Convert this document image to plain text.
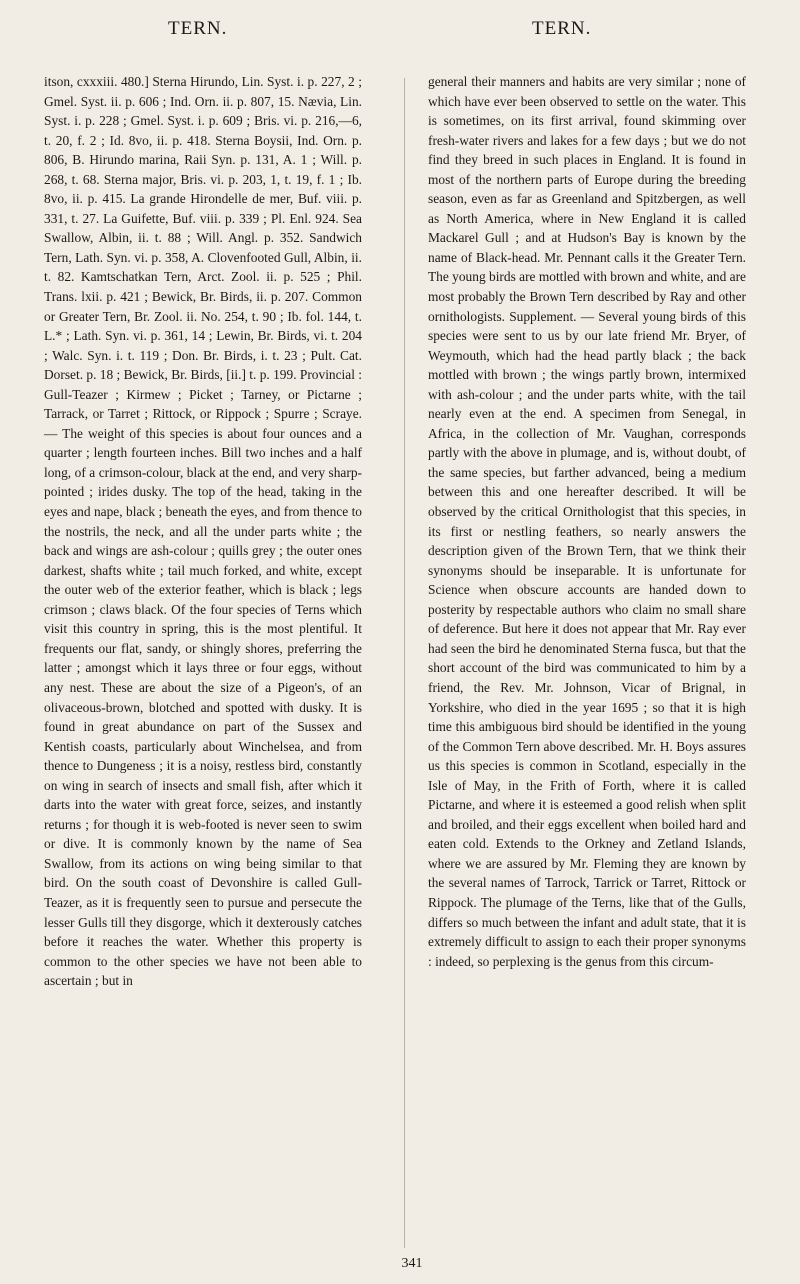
TERN.	TERN.

itson, cxxxiii. 480.] Sterna Hirundo, Lin. Syst. i. p. 227, 2 ; Gmel. Syst. ii. p. 606 ; Ind. Orn. ii. p. 807, 15. Nævia, Lin. Syst. i. p. 228 ; Gmel. Syst. i. p. 609 ; Bris. vi. p. 216,—6, t. 20, f. 2 ; Id. 8vo, ii. p. 418. Sterna Boysii, Ind. Orn. p. 806, B. Hirundo marina, Raii Syn. p. 131, A. 1 ; Will. p. 268, t. 68. Sterna major, Bris. vi. p. 203, 1, t. 19, f. 1 ; Ib. 8vo, ii. p. 415. La grande Hirondelle de mer, Buf. viii. p. 331, t. 27. La Guifette, Buf. viii. p. 339 ; Pl. Enl. 924. Sea Swallow, Albin, ii. t. 88 ; Will. Angl. p. 352. Sandwich Tern, Lath. Syn. vi. p. 358, A. Clovenfooted Gull, Albin, ii. t. 82. Kamtschatkan Tern, Arct. Zool. ii. p. 525 ; Phil. Trans. lxii. p. 421 ; Bewick, Br. Birds, ii. p. 207. Common or Greater Tern, Br. Zool. ii. No. 254, t. 90 ; Ib. fol. 144, t. L.* ; Lath. Syn. vi. p. 361, 14 ; Lewin, Br. Birds, vi. t. 204 ; Walc. Syn. i. t. 119 ; Don. Br. Birds, i. t. 23 ; Pult. Cat. Dorset. p. 18 ; Bewick, Br. Birds, [ii.] t. p. 199. Provincial : Gull-Teazer ; Kirmew ; Picket ; Tarney, or Pictarne ; Tarrack, or Tarret ; Rittock, or Rippock ; Spurre ; Scraye.— The weight of this species is about four ounces and a quarter ; length fourteen inches. Bill two inches and a half long, of a crimson-colour, black at the end, and very sharp-pointed ; irides dusky. The top of the head, taking in the eyes and nape, black ; beneath the eyes, and from thence to the nostrils, the neck, and all the under parts white ; the back and wings are ash-colour ; quills grey ; the outer ones darkest, shafts white ; tail much forked, and white, except the outer web of the exterior feather, which is black ; legs crimson ; claws black. Of the four species of Terns which visit this country in spring, this is the most plentiful. It frequents our flat, sandy, or shingly shores, preferring the latter ; amongst which it lays three or four eggs, without any nest. These are about the size of a Pigeon's, of an olivaceous-brown, blotched and spotted with dusky. It is found in great abundance on part of the Sussex and Kentish coasts, particularly about Winchelsea, and from thence to Dungeness ; it is a noisy, restless bird, constantly on wing in search of insects and small fish, after which it darts into the water with great force, seizes, and instantly returns ; for though it is web-footed is never seen to swim or dive. It is commonly known by the name of Sea Swallow, from its actions on wing being similar to that bird. On the south coast of Devonshire is called Gull-Teazer, as it is frequently seen to pursue and persecute the lesser Gulls till they disgorge, which it dexterously catches before it reaches the water. Whether this property is common to the other species we have not been able to ascertain ; but in

general their manners and habits are very similar ; none of which have ever been observed to settle on the water. This is sometimes, on its first arrival, found skimming over fresh-water rivers and lakes for a few days ; but we do not find they breed in such places in England. It is found in most of the northern parts of Europe during the breeding season, even as far as Greenland and Spitzbergen, as well as North America, where in New England it is called Mackarel Gull ; and at Hudson's Bay is known by the name of Black-head. Mr. Pennant calls it the Greater Tern. The young birds are mottled with brown and white, and are most probably the Brown Tern described by Ray and other ornithologists. Supplement. — Several young birds of this species were sent to us by our late friend Mr. Bryer, of Weymouth, which had the head partly black ; the back mottled with brown ; the wings partly brown, intermixed with ash-colour ; and the under parts white, with the tail nearly even at the end. A specimen from Senegal, in Africa, in the collection of Mr. Vaughan, corresponds partly with the above in plumage, and is, without doubt, of the same species, but farther advanced, being a medium between this and one hereafter described. It will be observed by the critical Ornithologist that this species, in its first or nestling feathers, so nearly answers the description given of the Brown Tern, that we think their synonyms should be inseparable. It is unfortunate for Science when obscure accounts are handed down to posterity by respectable authors who claim no small share of deference. But here it does not appear that Mr. Ray ever had seen the bird he denominated Sterna fusca, but that the short account of the bird was communicated to him by a friend, the Rev. Mr. Johnson, Vicar of Brignal, in Yorkshire, who died in the year 1695 ; so that it is high time this ambiguous bird should be identified in the young of the Common Tern above described. Mr. H. Boys assures us this species is common in Scotland, especially in the Isle of May, in the Frith of Forth, where it is called Pictarne, and where it is esteemed a good relish when split and broiled, and their eggs excellent when boiled hard and eaten cold. Extends to the Orkney and Zetland Islands, where we are assured by Mr. Fleming they are known by the several names of Tarrock, Tarrick or Tarret, Rittock or Rippock. The plumage of the Terns, like that of the Gulls, differs so much between the infant and adult state, that it is extremely difficult to assign to each their proper synonyms : indeed, so perplexing is the genus from this circum-

341
